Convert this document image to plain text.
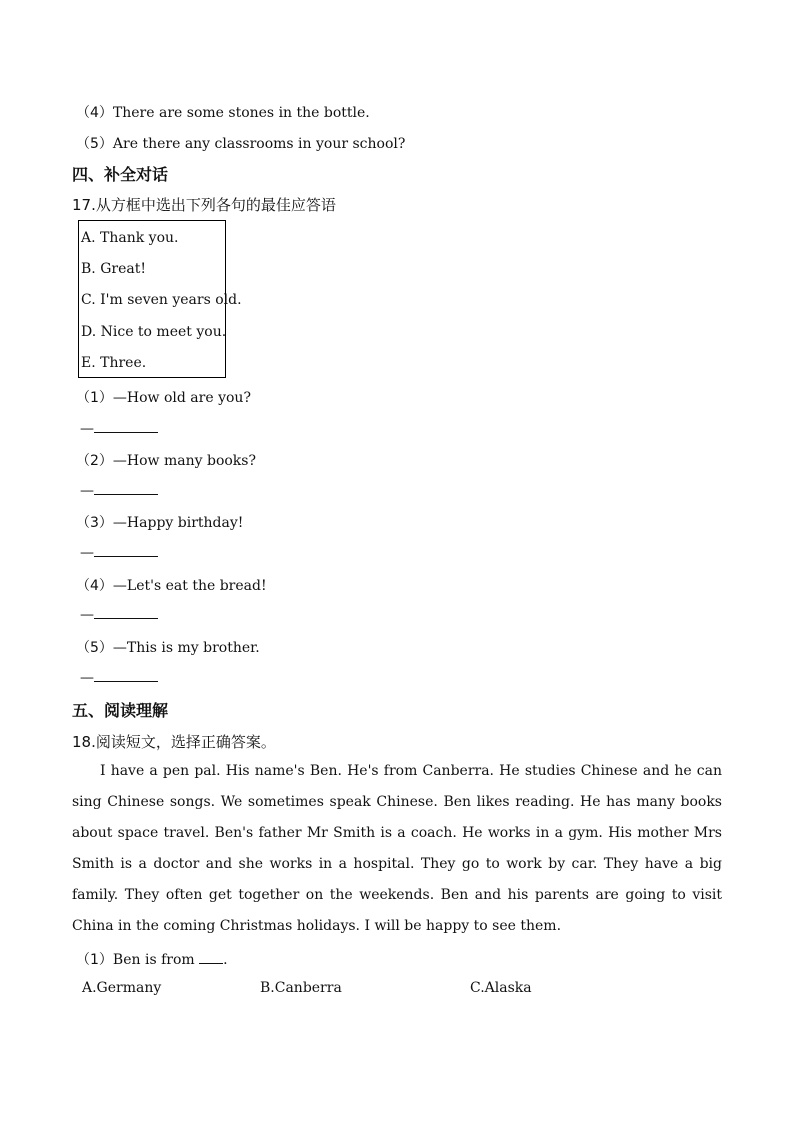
（4）There are some stones in the bottle.
（5）Are there any classrooms in your school?
四、补全对话
17.从方框中选出下列各句的最佳应答语
A. Thank you.
B. Great!
C. I'm seven years old.
D. Nice to meet you.
E. Three.
（1）—How old are you?
—
（2）—How many books?
—
（3）—Happy birthday!
—
（4）—Let's eat the bread!
—
（5）—This is my brother.
—
五、阅读理解
18.阅读短文，选择正确答案。
I have a pen pal. His name's Ben. He's from Canberra. He studies Chinese and he can sing Chinese songs. We sometimes speak Chinese. Ben likes reading. He has many books about space travel. Ben's father Mr Smith is a coach. He works in a gym. His mother Mrs Smith is a doctor and she works in a hospital. They go to work by car. They have a big family. They often get together on the weekends. Ben and his parents are going to visit China in the coming Christmas holidays. I will be happy to see them.
（1）Ben is from .
A.Germany	B.Canberra	C.Alaska
